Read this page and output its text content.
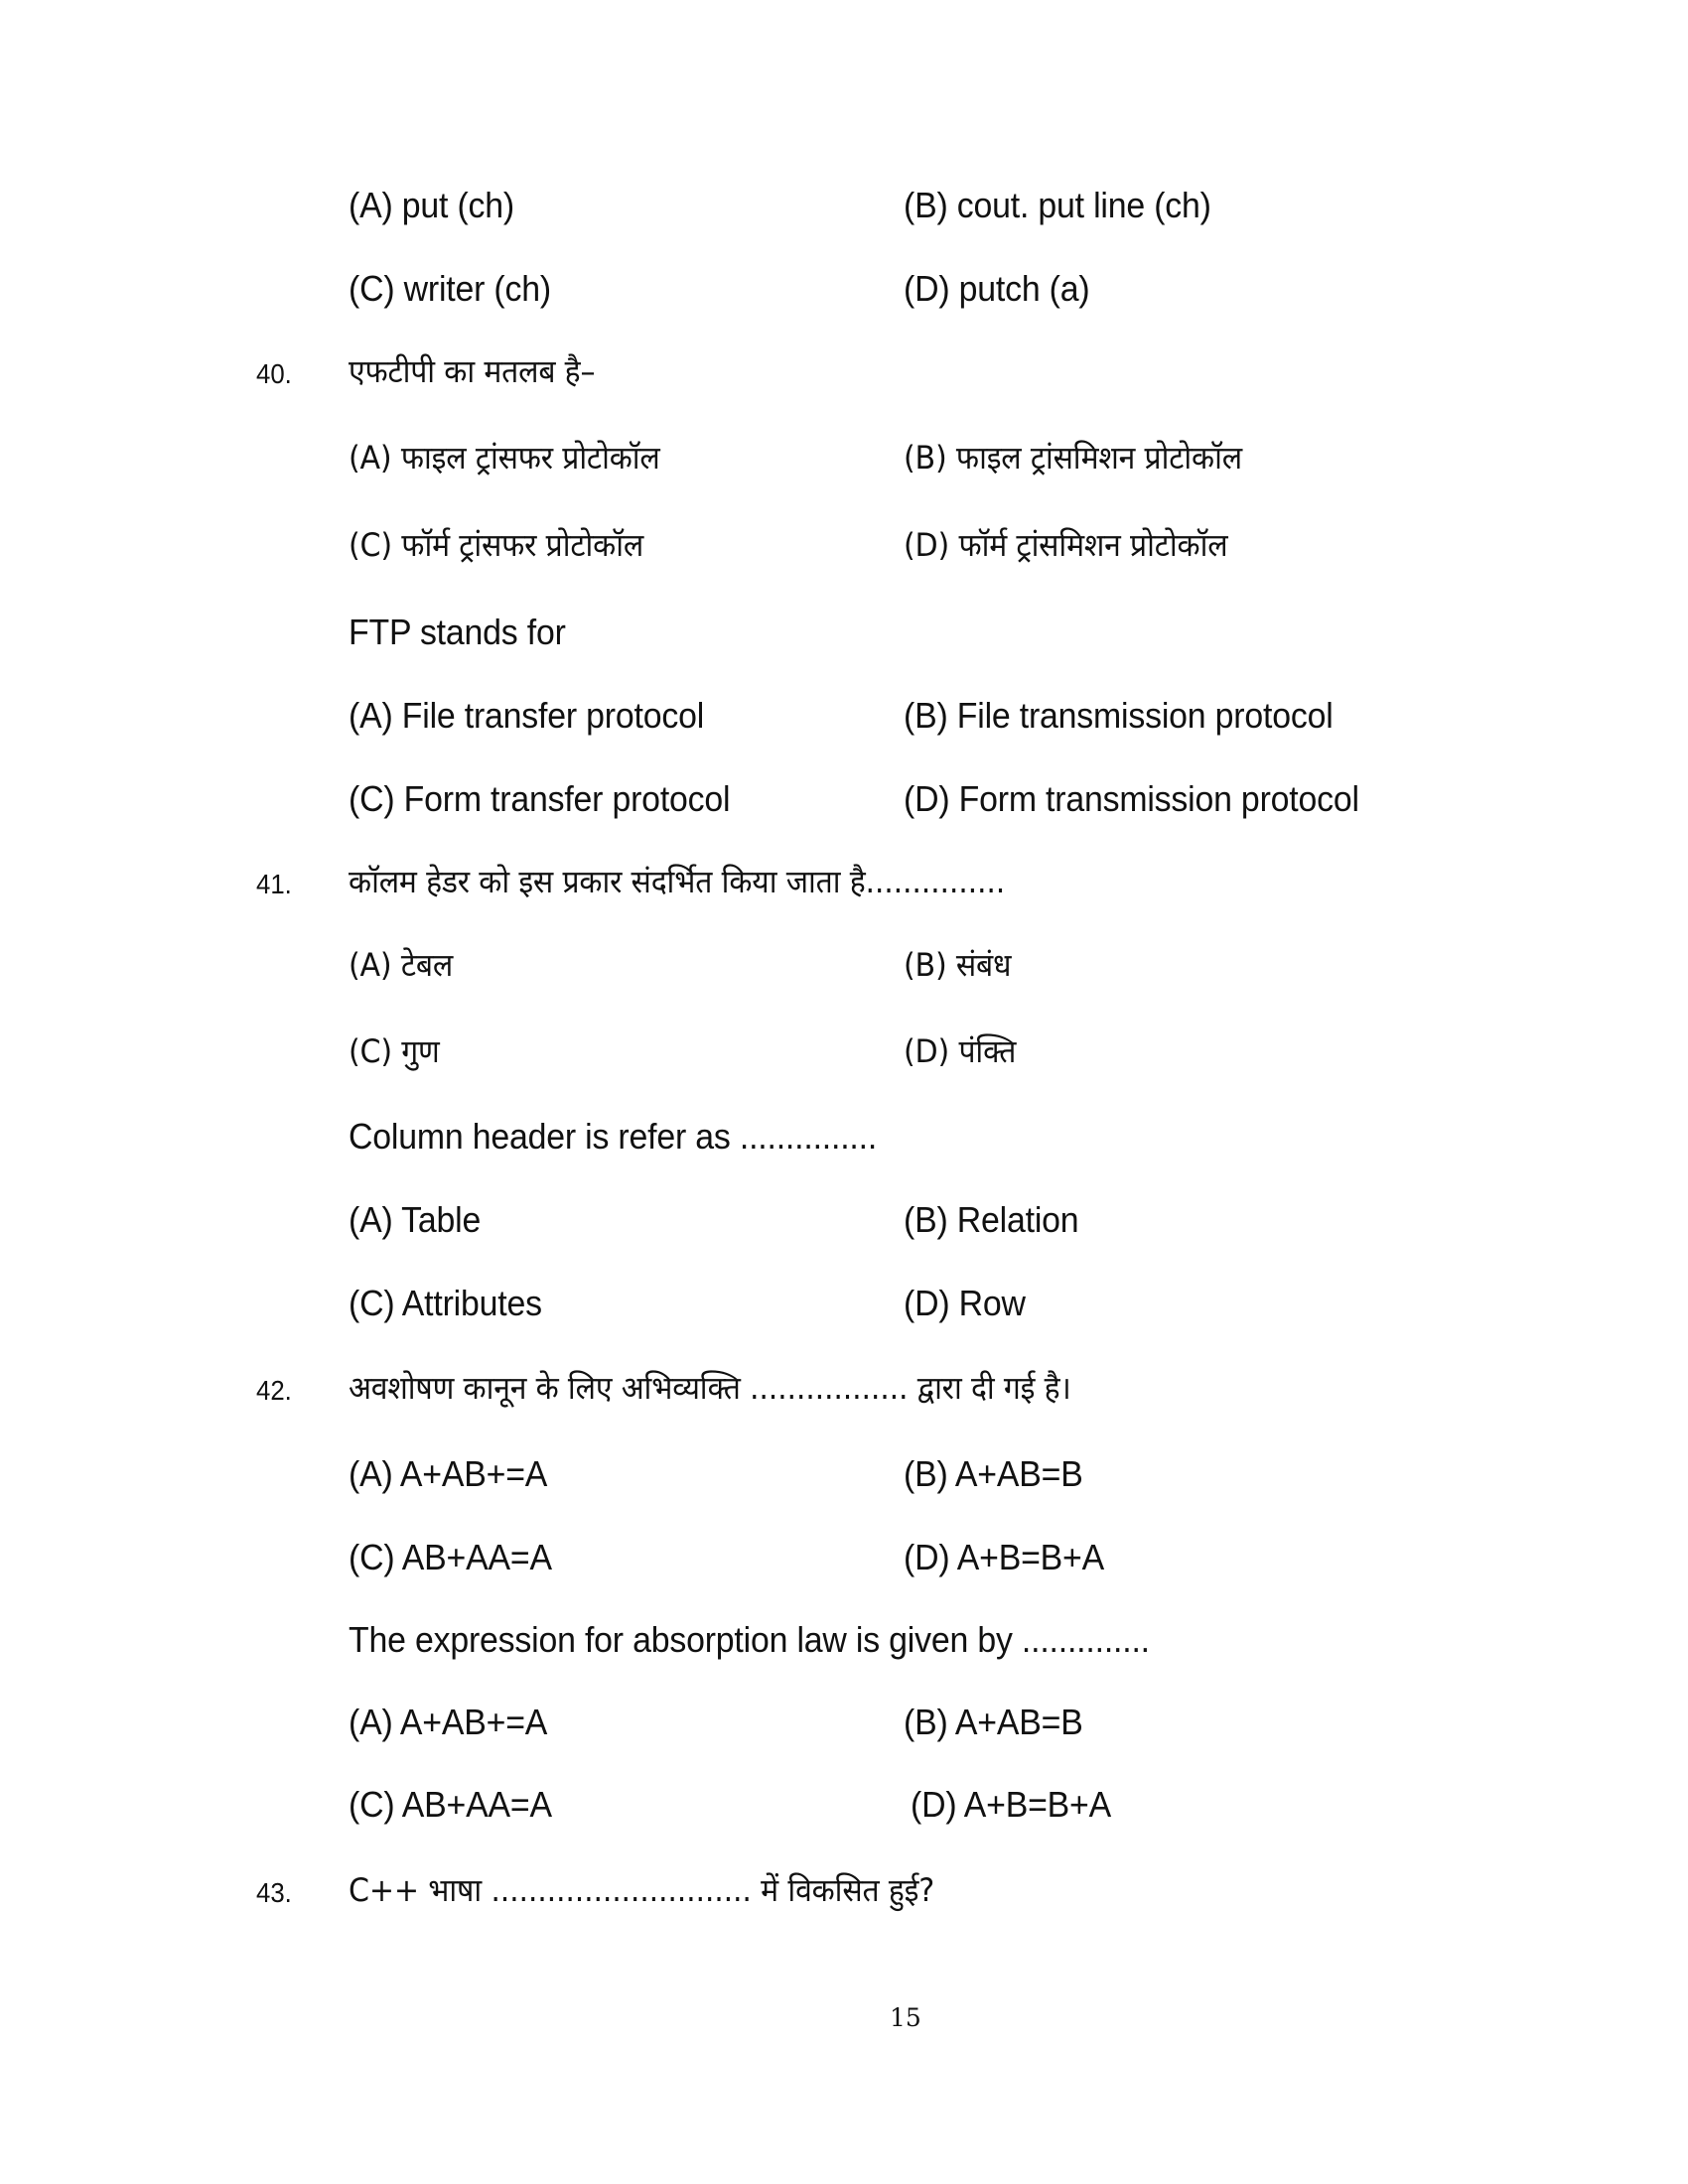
(A) put (ch)	(B) cout. put line (ch)
(C) writer (ch)	(D) putch (a)
40. एफटीपी का मतलब है–
(A) फाइल ट्रांसफर प्रोटोकॉल	(B) फाइल ट्रांसमिशन प्रोटोकॉल
(C) फॉर्म ट्रांसफर प्रोटोकॉल	(D) फॉर्म ट्रांसमिशन प्रोटोकॉल
FTP stands for
(A) File transfer protocol	(B) File transmission protocol
(C) Form transfer protocol	(D) Form transmission protocol
41. कॉलम हेडर को इस प्रकार संदर्भित किया जाता है...............
(A) टेबल	(B) संबंध
(C) गुण	(D) पंक्ति
Column header is refer as ...............
(A) Table	(B) Relation
(C) Attributes	(D) Row
42. अवशोषण कानून के लिए अभिव्यक्ति ................. द्वारा दी गई है।
(A) A+AB+=A	(B) A+AB=B
(C) AB+AA=A	(D) A+B=B+A
The expression for absorption law is given by ..............
(A) A+AB+=A	(B) A+AB=B
(C) AB+AA=A	(D) A+B=B+A
43. C++ भाषा ............................ में विकसित हुई?
15
